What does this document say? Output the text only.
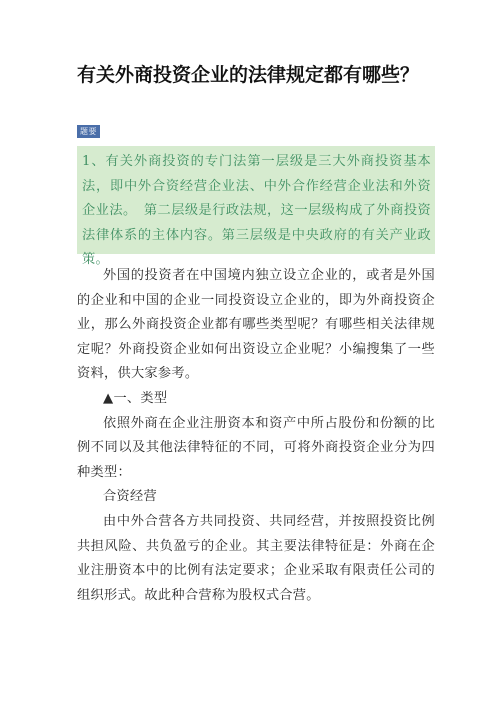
有关外商投资企业的法律规定都有哪些？
题要

1、有关外商投资的专门法第一层级是三大外商投资基本法，即中外合资经营企业法、中外合作经营企业法和外资企业法。　第二层级是行政法规，这一层级构成了外商投资法律体系的主体内容。第三层级是中央政府的有关产业政策。

外国的投资者在中国境内独立设立企业的，或者是外国的企业和中国的企业一同投资设立企业的，即为外商投资企业，那么外商投资企业都有哪些类型呢？有哪些相关法律规定呢？外商投资企业如何出资设立企业呢？小编搜集了一些资料，供大家参考。

▲一、类型

依照外商在企业注册资本和资产中所占股份和份额的比例不同以及其他法律特征的不同，可将外商投资企业分为四种类型：

合资经营

由中外合营各方共同投资、共同经营，并按照投资比例共担风险、共负盈亏的企业。其主要法律特征是：外商在企业注册资本中的比例有法定要求；企业采取有限责任公司的组织形式。故此种合营称为股权式合营。
